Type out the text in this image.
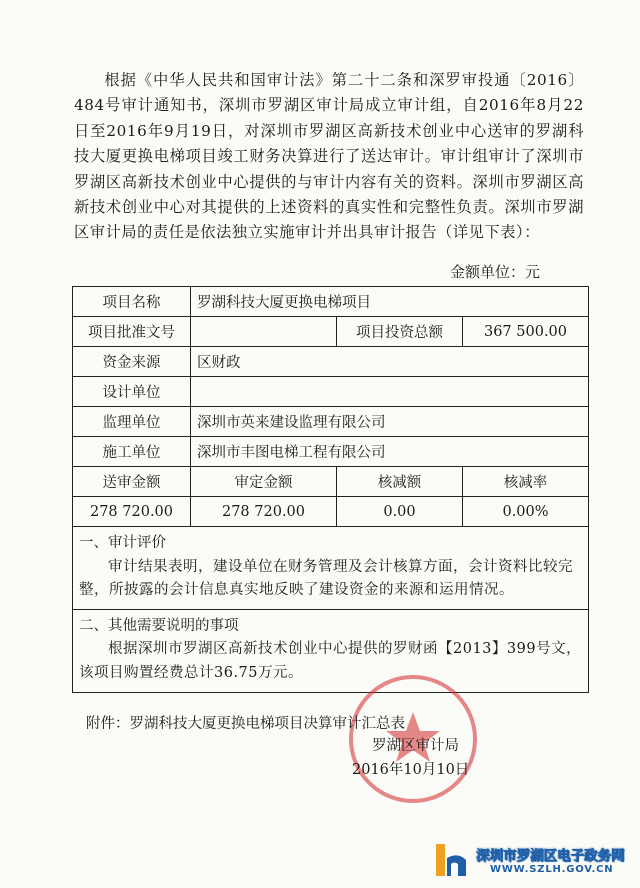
根据《中华人民共和国审计法》第二十二条和深罗审投通〔2016〕484号审计通知书，深圳市罗湖区审计局成立审计组，自2016年8月22日至2016年9月19日，对深圳市罗湖区高新技术创业中心送审的罗湖科技大厦更换电梯项目竣工财务决算进行了送达审计。审计组审计了深圳市罗湖区高新技术创业中心提供的与审计内容有关的资料。深圳市罗湖区高新技术创业中心对其提供的上述资料的真实性和完整性负责。深圳市罗湖区审计局的责任是依法独立实施审计并出具审计报告（详见下表）：

金额单位：元
项目名称	罗湖科技大厦更换电梯项目		
项目批准文号		项目投资总额	367 500.00
资金来源	区财政		
设计单位			
监理单位	深圳市英来建设监理有限公司		
施工单位	深圳市丰图电梯工程有限公司		
送审金额	审定金额	核减额	核减率
278 720.00	278 720.00	0.00	0.00%

一、审计评价
审计结果表明，建设单位在财务管理及会计核算方面，会计资料比较完整，所披露的会计信息真实地反映了建设资金的来源和运用情况。			

二、其他需要说明的事项
根据深圳市罗湖区高新技术创业中心提供的罗财函【2013】399号文，该项目购置经费总计36.75万元。			
附件：罗湖科技大厦更换电梯项目决算审计汇总表
罗湖区审计局
2016年10月10日
深圳市罗湖区电子政务网
WWW.SZLH.GOV.CN
